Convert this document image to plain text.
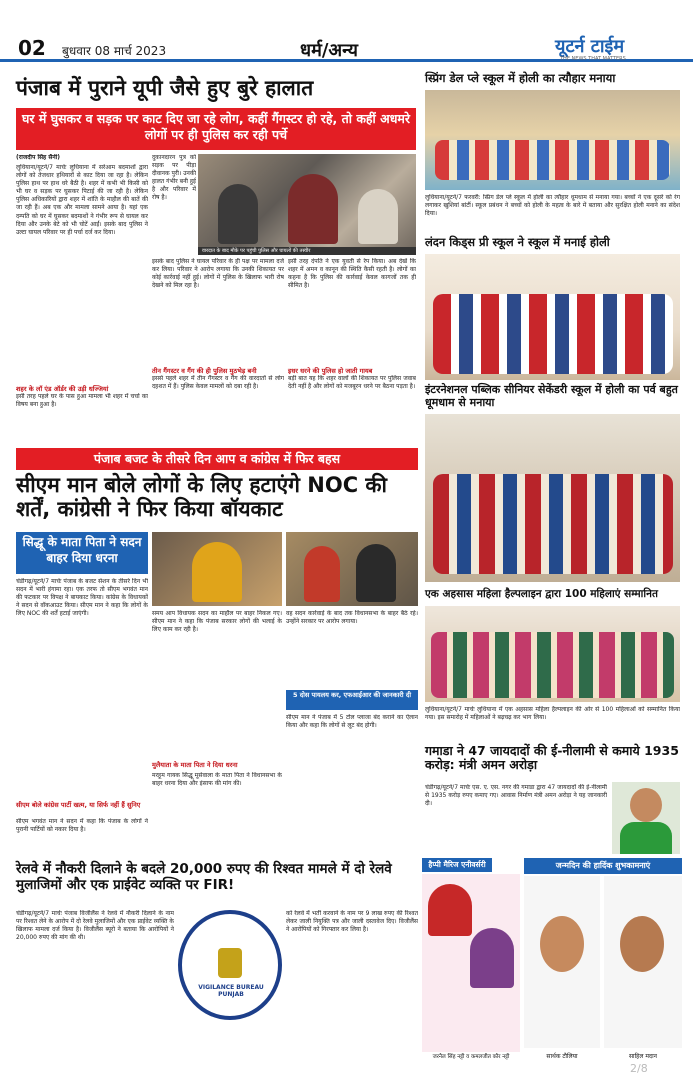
02 बुधवार 08 मार्च 2023	धर्म/अन्य	यूटर्न टाईम
THE NEWS THAT MATTERS
पंजाब में पुराने यूपी जैसे हुए बुरे हालात
घर में घुसकर व सड़क पर काट दिए जा रहे लोग, कहीं गैंगस्टर हो रहे, तो कहीं अधमरे लोगों पर ही पुलिस कर रही पर्चे
(राजदीप सिंह सैनी)
लुधियाना/यूटर्न/7 मार्चः लुधियाना में सरेआम बदमाशों द्वारा लोगों को तेजधार हथियारों से काट दिया जा रहा है। लेकिन पुलिस हाथ पर हाथ धरे बैठी है। शहर में कभी भी किसी को भी घर व सड़क पर घुसकर पिटाई की जा रही है। लेकिन पुलिस अधिकारियों द्वारा शहर में शांति के माहौल की बातें की जा रही हैं। अब एक और मामला सामने आया है। यहां एक दम्पति को घर में घुसकर बदमाशों ने गंभीर रूप से घायल कर दिया और उनके बेटे को भी चोटें आईं। इसके बाद पुलिस ने उल्टा घायल परिवार पर ही पर्चा दर्ज कर दिया।
शहर के लॉ एंड ऑर्डर की उड़ी धज्जियां
इसी तरह पहले घर के पास हुआ मामला भी शहर में चर्चा का विषय बना हुआ है।
दुकानदारन पुत्र को सड़क पर पीड़ा दीवानक पुरी। उनकी हालत गंभीर बनी हुई है और परिवार में रोष है।
वारदात के बाद मौके पर पहुंची पुलिस और घायलों की तस्वीर
इसके बाद पुलिस ने घायल परिवार के ही पक्ष पर मामला दर्ज कर लिया। परिवार ने आरोप लगाया कि उनकी शिकायत पर कोई कार्रवाई नहीं हुई। लोगों में पुलिस के खिलाफ भारी रोष देखने को मिल रहा है।
तीन गैंगस्टर व गैंग की ही पुलिस मुठभेड़ बनी
इससे पहले शहर में तीन गैंगस्टर व गैंग की वारदातों से लोग दहशत में हैं। पुलिस केवल मामलों को दबा रही है।
इसी तरह दंपति ने एक युवती से रेप किया। अब देखें कि शहर में अमन व कानून की स्थिति कैसी रहती है। लोगों का कहना है कि पुलिस की कार्रवाई केवल कागजों तक ही सीमित है।
इधर धरने की पुलिस हो जाती गायब
बड़ी बात यह कि शहर वालों की शिकायत पर पुलिस जवाब देती नहीं है और लोगों को मजबूरन धरने पर बैठना पड़ता है।
स्प्रिंग डेल प्ले स्कूल में होली का त्यौहार मनाया
लुधियाना/यूटर्न/7 फरवरी: स्प्रिंग डेल प्ले स्कूल में होली का त्यौहार धूमधाम से मनाया गया। बच्चों ने एक दूसरे को रंग लगाकर खुशियां बांटीं। स्कूल प्रबंधन ने बच्चों को होली के महत्व के बारे में बताया और सुरक्षित होली मनाने का संदेश दिया।
लंदन किड्स प्री स्कूल ने स्कूल में मनाई होली
इंटरनेशनल पब्लिक सीनियर सेकेंडरी स्कूल में होली का पर्व बहुत धूमधाम से मनाया
एक अहसास महिला हैल्पलाइन द्वारा 100 महिलाएं सम्मानित
लुधियाना/यूटर्न/7 मार्चः लुधियाना में एक अहसास महिला हैल्पलाइन की ओर से 100 महिलाओं को सम्मानित किया गया। इस समारोह में महिलाओं ने बढ़चढ़ कर भाग लिया।
गमाडा ने 47 जायदादों की ई-नीलामी से कमाये 1935 करोड़: मंत्री अमन अरोड़ा
चंडीगढ़/यूटर्न/7 मार्चः एस. ए. एस. नगर की गमाडा द्वारा 47 जायदादों की ई-नीलामी से 1935 करोड़ रुपए कमाए गए। आवास निर्माण मंत्री अमन अरोड़ा ने यह जानकारी दी।
पंजाब बजट के तीसरे दिन आप व कांग्रेस में फिर बहस
सीएम मान बोले लोगों के लिए हटाएंगे NOC की शर्तें, कांग्रेसी ने फिर किया बॉयकाट
सिद्धू के माता पिता ने सदन बाहर दिया धरना
चंडीगढ़/यूटर्न/7 मार्चः पंजाब के बजट सेशन के तीसरे दिन भी सदन में भारी हंगामा रहा। एक तरफ तो सीएम भगवंत मान की फटकार पर विपक्ष ने बायकाट किया। कांग्रेस के विधायकों ने सदन से वॉकआउट किया। सीएम मान ने कहा कि लोगों के लिए NOC की शर्तें हटाई जाएंगी।
सीएम बोले कांग्रेस पार्टी खत्म, या सिर्फ नहीं हैं सुनिए
सीएम भगवंत मान ने सदन में कहा कि पंजाब के लोगों ने पुरानी पार्टियों को नकार दिया है।
समय आप विधायक सदन का माहौल पर बाहर निकल गए। सीएम मान ने कहा कि पंजाब सरकार लोगों की भलाई के लिए काम कर रही है।
मुलैयाता के माता पिता ने दिया धरना
मरहूम गायक सिद्धू मूसेवाला के माता पिता ने विधानसभा के बाहर धरना दिया और इंसाफ की मांग की।
वह सदन कार्रवाई के बाद तक विधानसभा के बाहर बैठे रहे। उन्होंने सरकार पर आरोप लगाया।
5 दोस पायलय कर, एफआईआर की जानकारी दी
सीएम मान ने पंजाब में 5 टोल प्लाजा बंद कराने का ऐलान किया और कहा कि लोगों से लूट बंद होगी।
रेलवे में नौकरी दिलाने के बदले 20,000 रुपए की रिश्वत मामले में दो रेलवे मुलाजिमों और एक प्राईवेट व्यक्ति पर FIR!
चंडीगढ़/यूटर्न/7 मार्चः पंजाब विजीलैंस ने रेलवे में नौकरी दिलाने के नाम पर रिश्वत लेने के आरोप में दो रेलवे मुलाजिमों और एक प्राईवेट व्यक्ति के खिलाफ मामला दर्ज किया है। विजीलैंस ब्यूरो ने बताया कि आरोपियों ने 20,000 रुपए की मांग की थी।
VIGILANCE BUREAU PUNJAB
को रेलवे में भर्ती करवाने के नाम पर 9 लाख रुपए की रिश्वत लेकर जाली नियुक्ति पत्र और जाली दस्तावेज दिए। विजीलैंस ने आरोपियों को गिरफ्तार कर लिया है।
हैप्पी मैरिज एनीवर्सरी
जरनैल सिंह नट्टी व कमलजीत कौर नट्टी
जन्मदिन की हार्दिक शुभकामनाएं
सार्थक टौलिया	साहिल मदान
2/8
